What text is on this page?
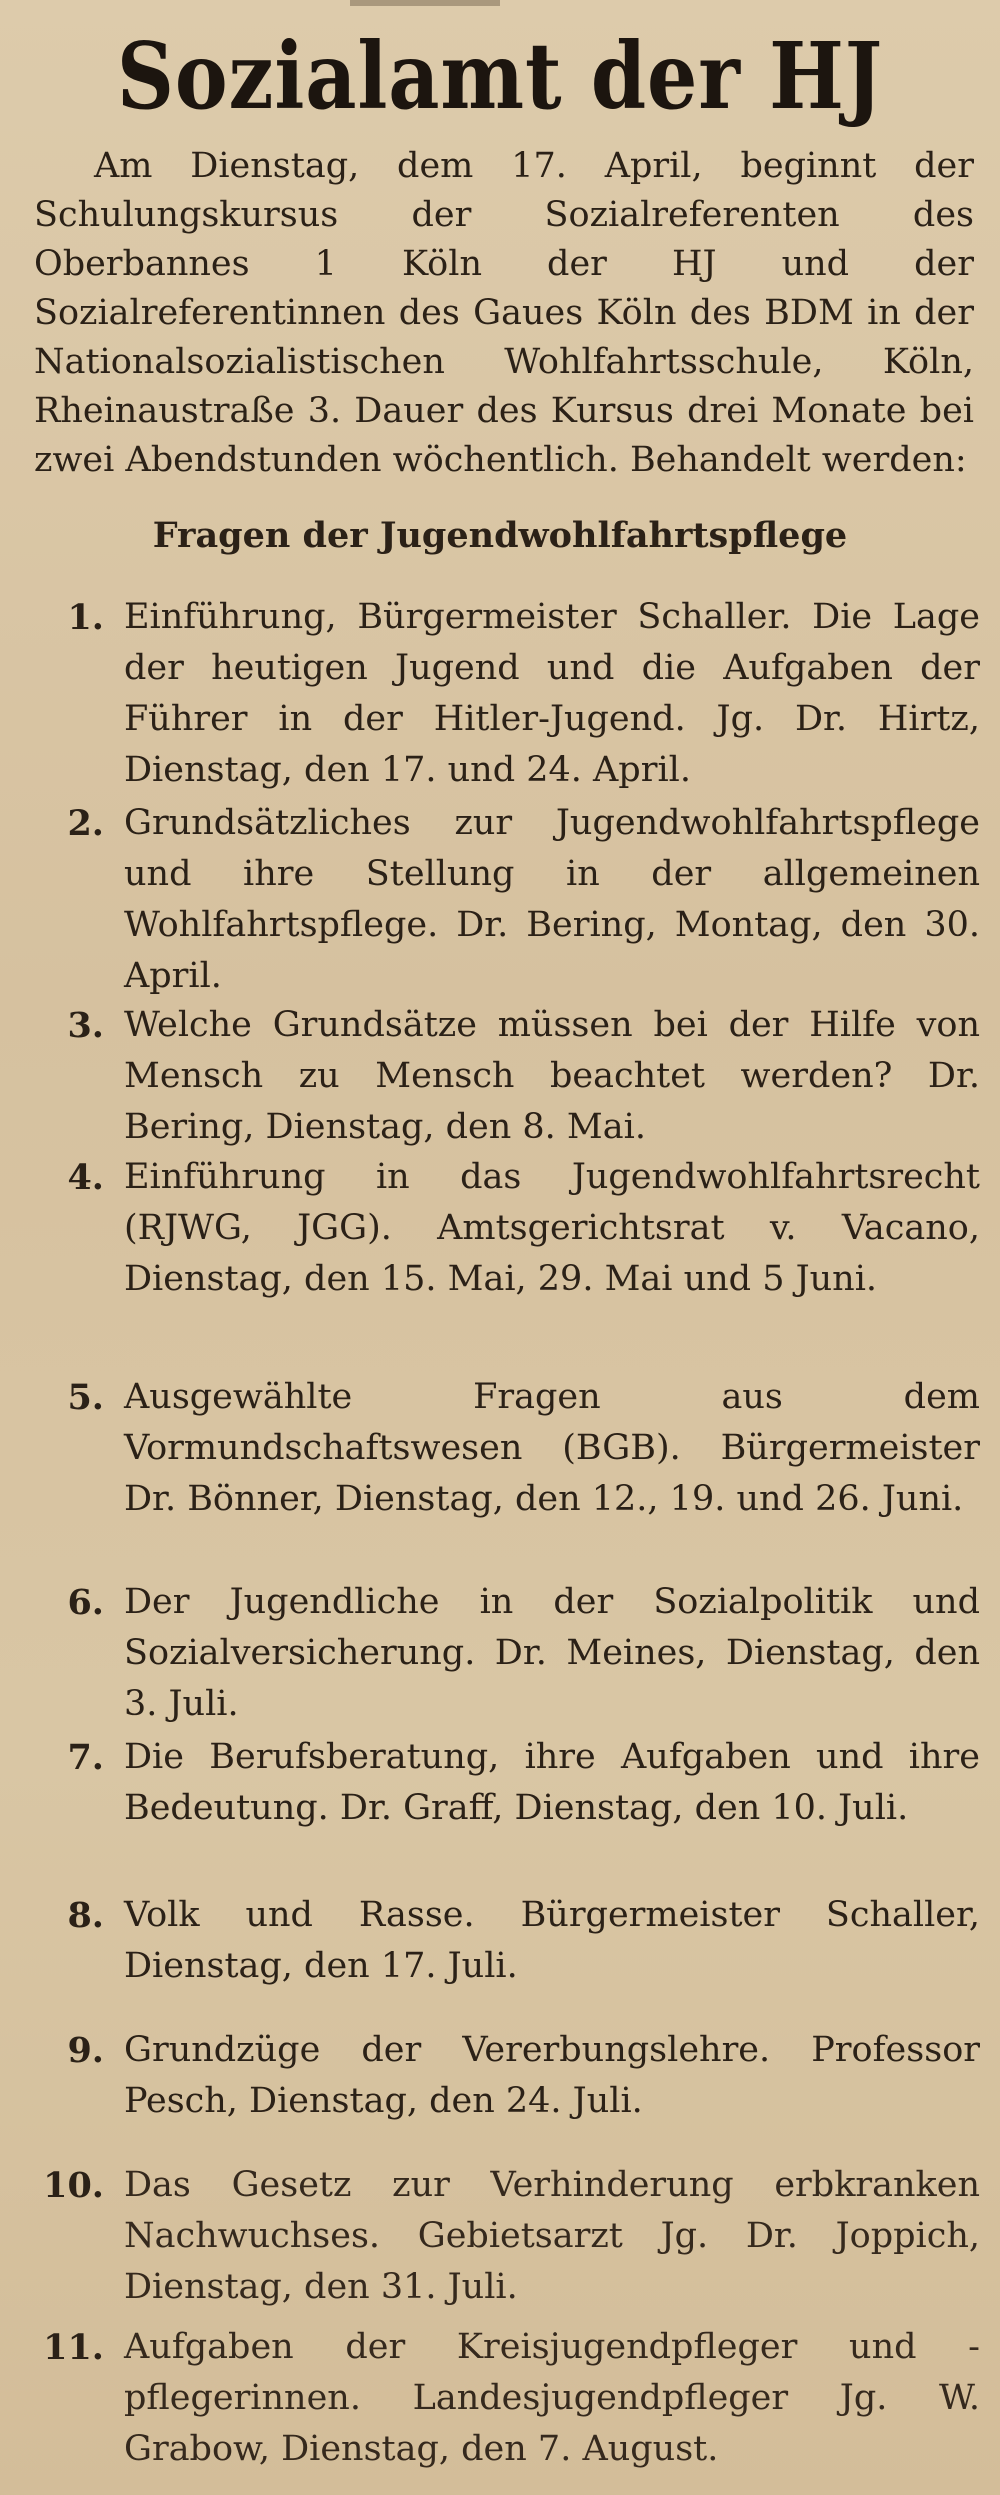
Sozialamt der HJ

Am Dienstag, dem 17. April, beginnt der Schulungskursus der Sozialreferenten des Oberbannes 1 Köln der HJ und der Sozialreferentinnen des Gaues Köln des BDM in der Nationalsozialistischen Wohlfahrtsschule, Köln, Rheinaustraße 3. Dauer des Kursus drei Monate bei zwei Abendstunden wöchentlich. Behandelt werden:

Fragen der Jugendwohlfahrtspflege
1. Einführung, Bürgermeister Schaller. Die Lage der heutigen Jugend und die Aufgaben der Führer in der Hitler-Jugend. Jg. Dr. Hirtz, Dienstag, den 17. und 24. April.
2. Grundsätzliches zur Jugendwohlfahrtspflege und ihre Stellung in der allgemeinen Wohlfahrtspflege. Dr. Bering, Montag, den 30. April.
3. Welche Grundsätze müssen bei der Hilfe von Mensch zu Mensch beachtet werden? Dr. Bering, Dienstag, den 8. Mai.
4. Einführung in das Jugendwohlfahrtsrecht (RJWG, JGG). Amtsgerichtsrat v. Vacano, Dienstag, den 15. Mai, 29. Mai und 5 Juni.
5. Ausgewählte Fragen aus dem Vormundschaftswesen (BGB). Bürgermeister Dr. Bönner, Dienstag, den 12., 19. und 26. Juni.
6. Der Jugendliche in der Sozialpolitik und Sozialversicherung. Dr. Meines, Dienstag, den 3. Juli.
7. Die Berufsberatung, ihre Aufgaben und ihre Bedeutung. Dr. Graff, Dienstag, den 10. Juli.
8. Volk und Rasse. Bürgermeister Schaller, Dienstag, den 17. Juli.
9. Grundzüge der Vererbungslehre. Professor Pesch, Dienstag, den 24. Juli.
10. Das Gesetz zur Verhinderung erbkranken Nachwuchses. Gebietsarzt Jg. Dr. Joppich, Dienstag, den 31. Juli.
11. Aufgaben der Kreisjugendpfleger und -pflegerinnen. Landesjugendpfleger Jg. W. Grabow, Dienstag, den 7. August.
